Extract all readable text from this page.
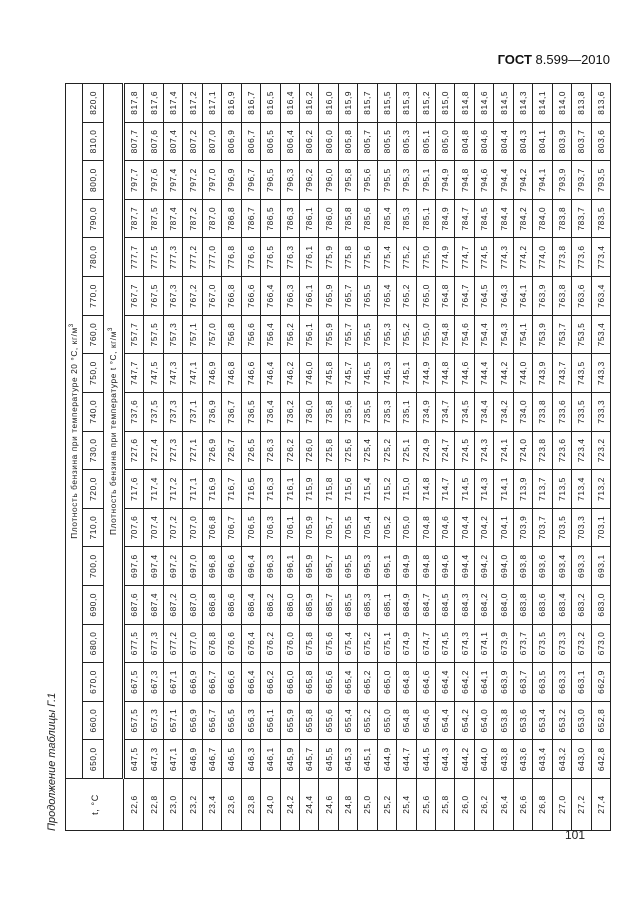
ГОСТ 8.599—2010
Продолжение таблицы Г.1	t, °C	Плотность бензина при температуре 20 °С, $кг/м^3$
	650,0	660,0	670,0	680,0	690,0	700,0	710,0	720,0	730,0	740,0	750,0	760,0	770,0	780,0	790,0	800,0	810,0	820,0
	Плотность бензина при температуре t °С, $кг/м^3$
22,6	647,5	657,5	667,5	677,5	687,6	697,6	707,6	717,6	727,6	737,6	747,7	757,7	767,7	777,7	787,7	797,7	807,7	817,8
22,8	647,3	657,3	667,3	677,3	687,4	697,4	707,4	717,4	727,4	737,5	747,5	757,5	767,5	777,5	787,5	797,6	807,6	817,6
23,0	647,1	657,1	667,1	677,2	687,2	697,2	707,2	717,2	727,3	737,3	747,3	757,3	767,3	777,3	787,4	797,4	807,4	817,4
23,2	646,9	656,9	666,9	677,0	687,0	697,0	707,0	717,1	727,1	737,1	747,1	757,1	767,2	777,2	787,2	797,2	807,2	817,2
23,4	646,7	656,7	666,7	676,8	686,8	696,8	706,8	716,9	726,9	736,9	746,9	757,0	767,0	777,0	787,0	797,0	807,0	817,1
23,6	646,5	656,5	666,6	676,6	686,6	696,6	706,7	716,7	726,7	736,7	746,8	756,8	766,8	776,8	786,8	796,9	806,9	816,9
23,8	646,3	656,3	666,4	676,4	686,4	696,4	706,5	716,5	726,5	736,5	746,6	756,6	766,6	776,6	786,7	796,7	806,7	816,7
24,0	646,1	656,1	666,2	676,2	686,2	696,3	706,3	716,3	726,3	736,4	746,4	756,4	766,4	776,5	786,5	796,5	806,5	816,5
24,2	645,9	655,9	666,0	676,0	686,0	696,1	706,1	716,1	726,2	736,2	746,2	756,2	766,3	776,3	786,3	796,3	806,4	816,4
24,4	645,7	655,8	665,8	675,8	685,9	695,9	705,9	715,9	726,0	736,0	746,0	756,1	766,1	776,1	786,1	796,2	806,2	816,2
24,6	645,5	655,6	665,6	675,6	685,7	695,7	705,7	715,8	725,8	735,8	745,8	755,9	765,9	775,9	786,0	796,0	806,0	816,0
24,8	645,3	655,4	665,4	675,4	685,5	695,5	705,5	715,6	725,6	735,6	745,7	755,7	765,7	775,8	785,8	795,8	805,8	815,9
25,0	645,1	655,2	665,2	675,2	685,3	695,3	705,4	715,4	725,4	735,5	745,5	755,5	765,5	775,6	785,6	795,6	805,7	815,7
25,2	644,9	655,0	665,0	675,1	685,1	695,1	705,2	715,2	725,2	735,3	745,3	755,3	765,4	775,4	785,4	795,5	805,5	815,5
25,4	644,7	654,8	664,8	674,9	684,9	694,9	705,0	715,0	725,1	735,1	745,1	755,2	765,2	775,2	785,3	795,3	805,3	815,3
25,6	644,5	654,6	664,6	674,7	684,7	694,8	704,8	714,8	724,9	734,9	744,9	755,0	765,0	775,0	785,1	795,1	805,1	815,2
25,8	644,3	654,4	664,4	674,5	684,5	694,6	704,6	714,7	724,7	734,7	744,8	754,8	764,8	774,9	784,9	794,9	805,0	815,0
26,0	644,2	654,2	664,2	674,3	684,3	694,4	704,4	714,5	724,5	734,5	744,6	754,6	764,7	774,7	784,7	794,8	804,8	814,8
26,2	644,0	654,0	664,1	674,1	684,2	694,2	704,2	714,3	724,3	734,4	744,4	754,4	764,5	774,5	784,5	794,6	804,6	814,6
26,4	643,8	653,8	663,9	673,9	684,0	694,0	704,1	714,1	724,1	734,2	744,2	754,3	764,3	774,3	784,4	794,4	804,4	814,5
26,6	643,6	653,6	663,7	673,7	683,8	693,8	703,9	713,9	724,0	734,0	744,0	754,1	764,1	774,2	784,2	794,2	804,3	814,3
26,8	643,4	653,4	663,5	673,5	683,6	693,6	703,7	713,7	723,8	733,8	743,9	753,9	763,9	774,0	784,0	794,1	804,1	814,1
27,0	643,2	653,2	663,3	673,3	683,4	693,4	703,5	713,5	723,6	733,6	743,7	753,7	763,8	773,8	783,8	793,9	803,9	814,0
27,2	643,0	653,0	663,1	673,2	683,2	693,3	703,3	713,4	723,4	733,5	743,5	753,5	763,6	773,6	783,7	793,7	803,7	813,8
27,4	642,8	652,8	662,9	673,0	683,0	693,1	703,1	713,2	723,2	733,3	743,3	753,4	763,4	773,4	783,5	793,5	803,6	813,6
101
